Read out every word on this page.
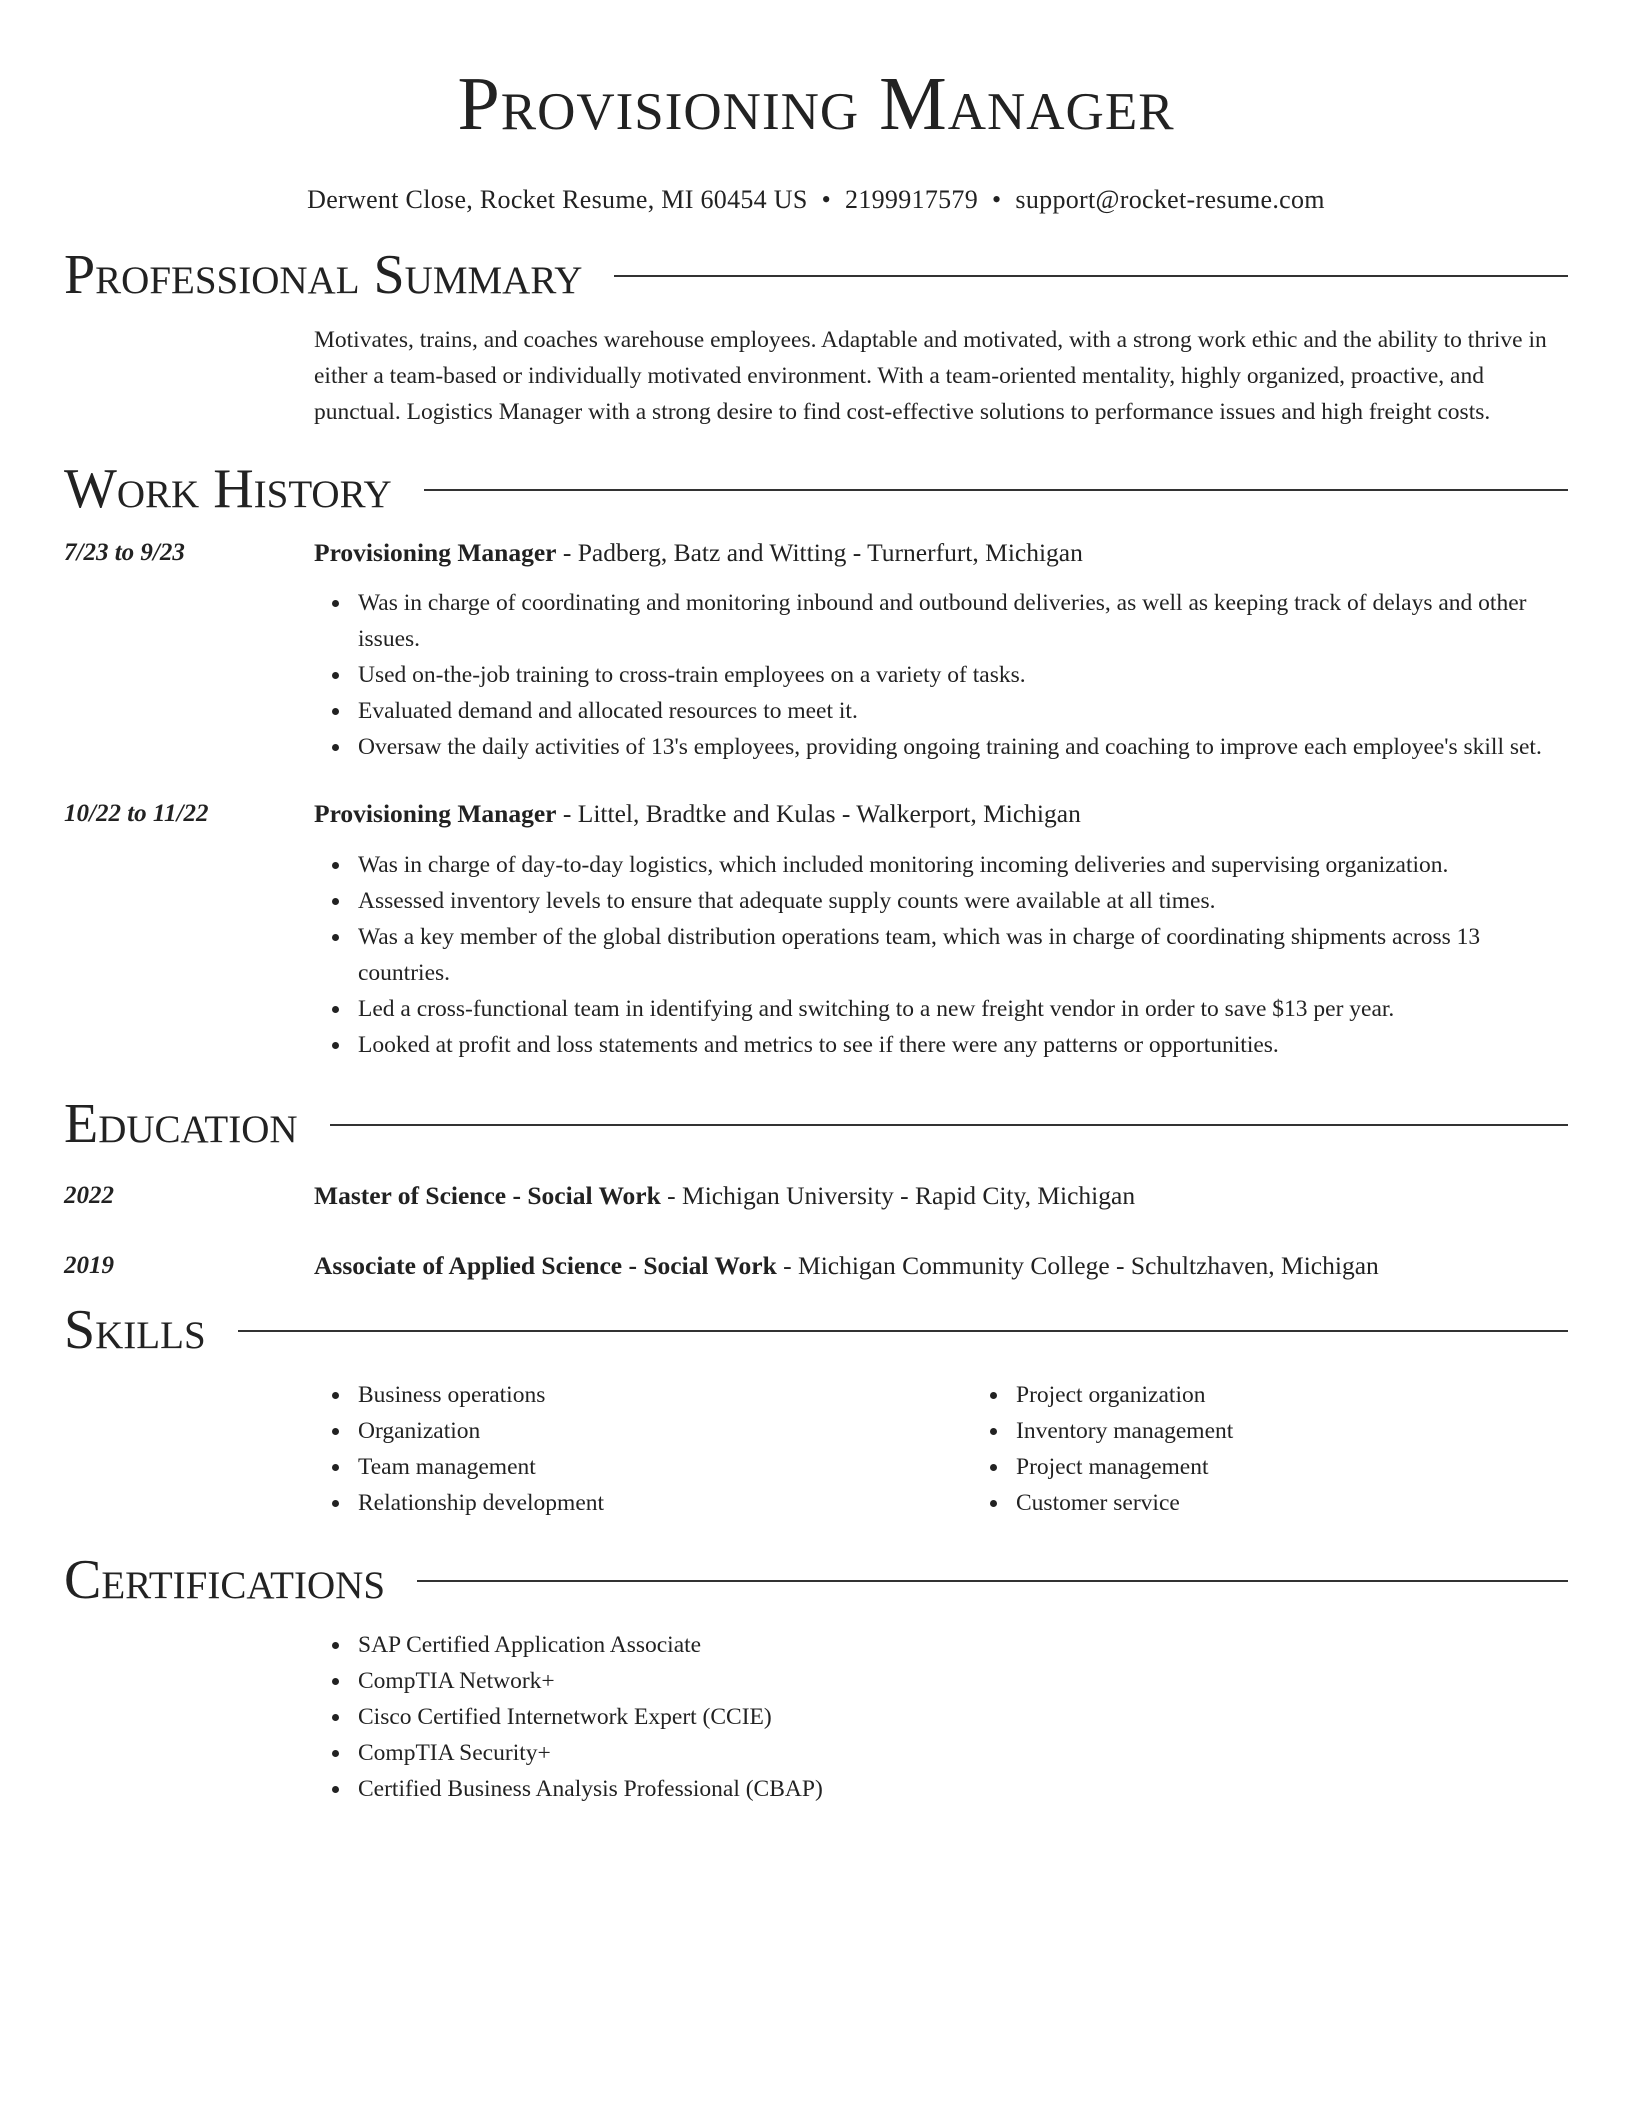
Provisioning Manager
Derwent Close, Rocket Resume, MI 60454 US • 2199917579 • support@rocket-resume.com
Professional Summary

Motivates, trains, and coaches warehouse employees. Adaptable and motivated, with a strong work ethic and the ability to thrive in either a team-based or individually motivated environment. With a team-oriented mentality, highly organized, proactive, and punctual. Logistics Manager with a strong desire to find cost-effective solutions to performance issues and high freight costs.

Work History
7/23 to 9/23	Provisioning Manager - Padberg, Batz and Witting - Turnerfurt, Michigan
Was in charge of coordinating and monitoring inbound and outbound deliveries, as well as keeping track of delays and other issues.
Used on-the-job training to cross-train employees on a variety of tasks.
Evaluated demand and allocated resources to meet it.
Oversaw the daily activities of 13's employees, providing ongoing training and coaching to improve each employee's skill set.
10/22 to 11/22	Provisioning Manager - Littel, Bradtke and Kulas - Walkerport, Michigan
Was in charge of day-to-day logistics, which included monitoring incoming deliveries and supervising organization.
Assessed inventory levels to ensure that adequate supply counts were available at all times.
Was a key member of the global distribution operations team, which was in charge of coordinating shipments across 13 countries.
Led a cross-functional team in identifying and switching to a new freight vendor in order to save $13 per year.
Looked at profit and loss statements and metrics to see if there were any patterns or opportunities.
Education
2022	Master of Science - Social Work - Michigan University - Rapid City, Michigan
2019	Associate of Applied Science - Social Work - Michigan Community College - Schultzhaven, Michigan
Skills
Business operations
Organization
Team management
Relationship development
Project organization
Inventory management
Project management
Customer service
Certifications
SAP Certified Application Associate
CompTIA Network+
Cisco Certified Internetwork Expert (CCIE)
CompTIA Security+
Certified Business Analysis Professional (CBAP)
